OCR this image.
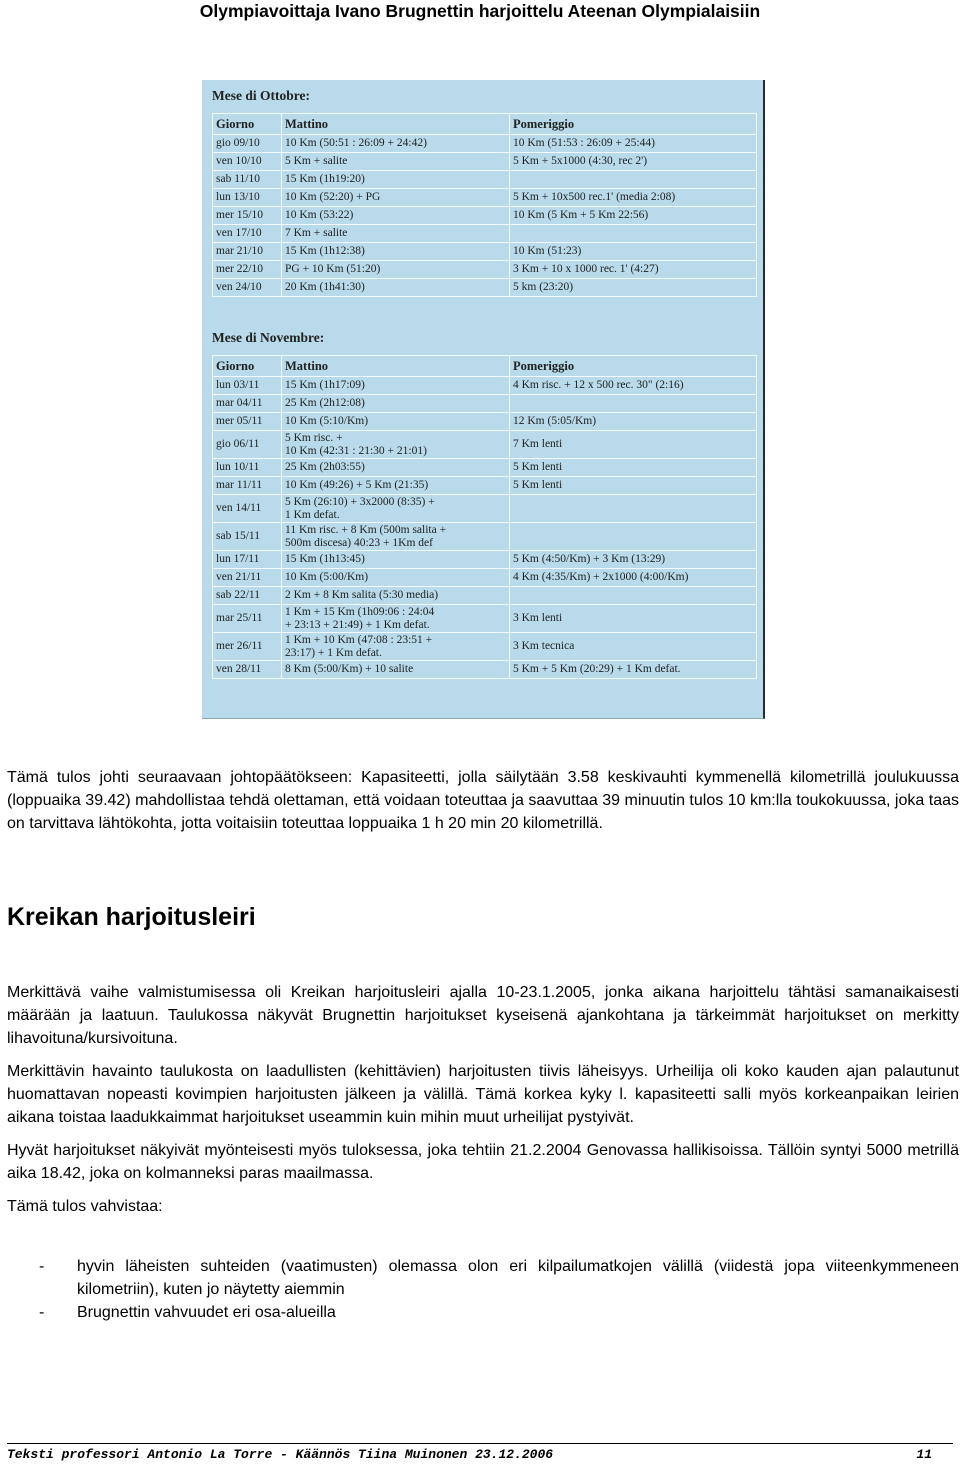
Olympiavoittaja Ivano Brugnettin harjoittelu Ateenan Olympialaisiin
Mese di Ottobre:
Giorno	Mattino	Pomeriggio
gio 09/10	10 Km (50:51 : 26:09 + 24:42)	10 Km (51:53 : 26:09 + 25:44)
ven 10/10	5 Km + salite	5 Km + 5x1000 (4:30, rec 2')
sab 11/10	15 Km (1h19:20)	
lun 13/10	10 Km (52:20) + PG	5 Km + 10x500 rec.1' (media 2:08)
mer 15/10	10 Km (53:22)	10 Km (5 Km + 5 Km 22:56)
ven 17/10	7 Km + salite	
mar 21/10	15 Km (1h12:38)	10 Km (51:23)
mer 22/10	PG + 10 Km (51:20)	3 Km + 10 x 1000 rec. 1' (4:27)
ven 24/10	20 Km (1h41:30)	5 km (23:20)
Mese di Novembre:
Giorno	Mattino	Pomeriggio
lun 03/11	15 Km (1h17:09)	4 Km risc. + 12 x 500 rec. 30" (2:16)
mar 04/11	25 Km (2h12:08)	
mer 05/11	10 Km (5:10/Km)	12 Km (5:05/Km)
gio 06/11	5 Km risc. +
10 Km (42:31 : 21:30 + 21:01)	7 Km lenti
lun 10/11	25 Km (2h03:55)	5 Km lenti
mar 11/11	10 Km (49:26) + 5 Km (21:35)	5 Km lenti
ven 14/11	5 Km (26:10) + 3x2000 (8:35) +
1 Km defat.	
sab 15/11	11 Km risc. + 8 Km (500m salita +
500m discesa) 40:23 + 1Km def	
lun 17/11	15 Km (1h13:45)	5 Km (4:50/Km) + 3 Km (13:29)
ven 21/11	10 Km (5:00/Km)	4 Km (4:35/Km) + 2x1000 (4:00/Km)
sab 22/11	2 Km + 8 Km salita (5:30 media)	
mar 25/11	1 Km + 15 Km (1h09:06 : 24:04
+ 23:13 + 21:49) + 1 Km defat.	3 Km lenti
mer 26/11	1 Km + 10 Km (47:08 : 23:51 +
23:17) + 1 Km defat.	3 Km tecnica
ven 28/11	8 Km (5:00/Km) + 10 salite	5 Km + 5 Km (20:29) + 1 Km defat.

Tämä tulos johti seuraavaan johtopäätökseen: Kapasiteetti, jolla säilytään 3.58 keskivauhti kymmenellä kilometrillä joulukuussa (loppuaika 39.42) mahdollistaa tehdä olettaman, että voidaan toteuttaa ja saavuttaa 39 minuutin tulos 10 km:lla toukokuussa, joka taas on tarvittava lähtökohta, jotta voitaisiin toteuttaa loppuaika 1 h 20 min 20 kilometrillä.

Kreikan harjoitusleiri

Merkittävä vaihe valmistumisessa oli Kreikan harjoitusleiri ajalla 10-23.1.2005, jonka aikana harjoittelu tähtäsi samanaikaisesti määrään ja laatuun. Taulukossa näkyvät Brugnettin harjoitukset kyseisenä ajankohtana ja tärkeimmät harjoitukset on merkitty lihavoituna/kursivoituna.

Merkittävin havainto taulukosta on laadullisten (kehittävien) harjoitusten tiivis läheisyys. Urheilija oli koko kauden ajan palautunut huomattavan nopeasti kovimpien harjoitusten jälkeen ja välillä. Tämä korkea kyky l. kapasiteetti salli myös korkeanpaikan leirien aikana toistaa laadukkaimmat harjoitukset useammin kuin mihin muut urheilijat pystyivät.

Hyvät harjoitukset näkyivät myönteisesti myös tuloksessa, joka tehtiin 21.2.2004 Genovassa hallikisoissa. Tällöin syntyi 5000 metrillä aika 18.42, joka on kolmanneksi paras maailmassa.

Tämä tulos vahvistaa:

-	hyvin läheisten suhteiden (vaatimusten) olemassa olon eri kilpailumatkojen välillä (viidestä jopa viiteenkymmeneen kilometriin), kuten jo näytetty aiemmin
-	Brugnettin vahvuudet eri osa-alueilla
Teksti professori Antonio La Torre - Käännös Tiina Muinonen 23.12.2006	11
